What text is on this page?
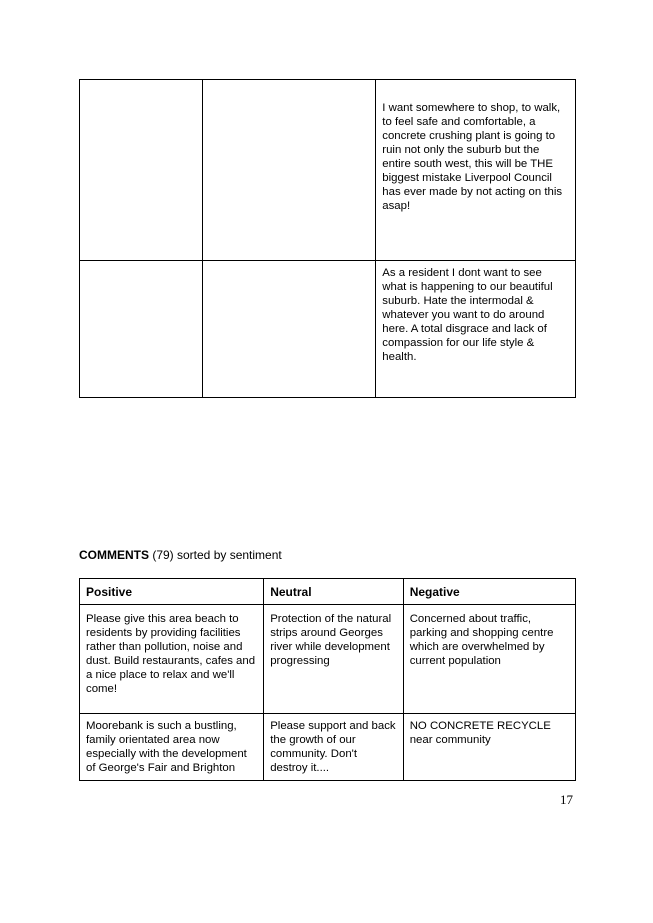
		I want somewhere to shop, to walk, to feel safe and comfortable, a concrete crushing plant is going to ruin not only the suburb but the entire south west, this will be THE biggest mistake Liverpool Council has ever made by not acting on this asap!

		As a resident I dont want to see what is happening to our beautiful suburb. Hate the intermodal & whatever you want to do around here. A total disgrace and lack of compassion for our life style & health.
COMMENTS (79) sorted by sentiment
Positive	Neutral	Negative

Please give this area beach to residents by providing facilities rather than pollution, noise and dust. Build restaurants, cafes and a nice place to relax and we'll come!	Protection of the natural strips around Georges river while development progressing	Concerned about traffic, parking and shopping centre which are overwhelmed by current population

Moorebank is such a bustling, family orientated area now especially with the development of George's Fair and Brighton	Please support and back the growth of our community. Don't destroy it....	NO CONCRETE RECYCLE near community
17
